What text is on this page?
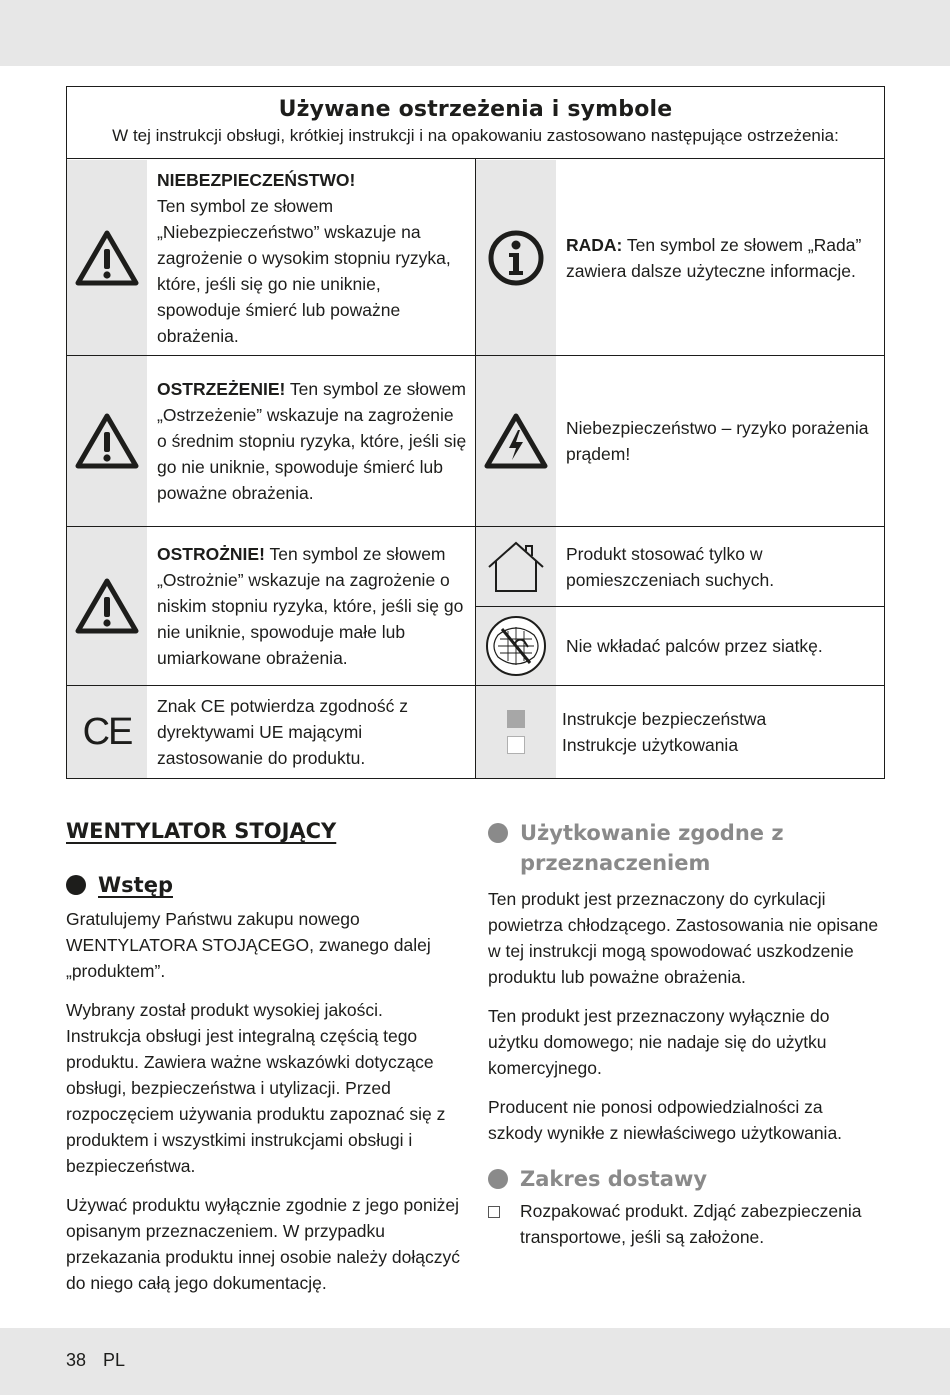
Używane ostrzeżenia i symbole

W tej instrukcji obsługi, krótkiej instrukcji i na opakowaniu zastosowano następujące ostrzeżenia:

NIEBEZPIECZEŃSTWO!
Ten symbol ze słowem „Niebezpieczeństwo” wskazuje na zagrożenie o wysokim stopniu ryzyka, które, jeśli się go nie uniknie, spowoduje śmierć lub poważne obrażenia.
RADA: Ten symbol ze słowem „Rada” zawiera dalsze użyteczne informacje.
OSTRZEŻENIE! Ten symbol ze słowem „Ostrzeżenie” wskazuje na zagrożenie o średnim stopniu ryzyka, które, jeśli się go nie uniknie, spowoduje śmierć lub poważne obrażenia.
Niebezpieczeństwo – ryzyko porażenia prądem!
OSTROŻNIE! Ten symbol ze słowem „Ostrożnie” wskazuje na zagrożenie o niskim stopniu ryzyka, które, jeśli się go nie uniknie, spowoduje małe lub umiarkowane obrażenia.
Produkt stosować tylko w pomieszczeniach suchych.
Nie wkładać palców przez siatkę.
CE
Znak CE potwierdza zgodność z dyrektywami UE mającymi zastosowanie do produktu.
Instrukcje bezpieczeństwa
Instrukcje użytkowania
WENTYLATOR STOJĄCY
Wstęp

Gratulujemy Państwu zakupu nowego WENTYLATORA STOJĄCEGO, zwanego dalej „produktem”.

Wybrany został produkt wysokiej jakości. Instrukcja obsługi jest integralną częścią tego produktu. Zawiera ważne wskazówki dotyczące obsługi, bezpieczeństwa i utylizacji. Przed rozpoczęciem używania produktu zapoznać się z produktem i wszystkimi instrukcjami obsługi i bezpieczeństwa.

Używać produktu wyłącznie zgodnie z jego poniżej opisanym przeznaczeniem. W przypadku przekazania produktu innej osobie należy dołączyć do niego całą jego dokumentację.

Użytkowanie zgodne z przeznaczeniem

Ten produkt jest przeznaczony do cyrkulacji powietrza chłodzącego. Zastosowania nie opisane w tej instrukcji mogą spowodować uszkodzenie produktu lub poważne obrażenia.

Ten produkt jest przeznaczony wyłącznie do użytku domowego; nie nadaje się do użytku komercyjnego.

Producent nie ponosi odpowiedzialności za szkody wynikłe z niewłaściwego użytkowania.

Zakres dostawy
Rozpakować produkt. Zdjąć zabezpieczenia transportowe, jeśli są założone.
38 PL
